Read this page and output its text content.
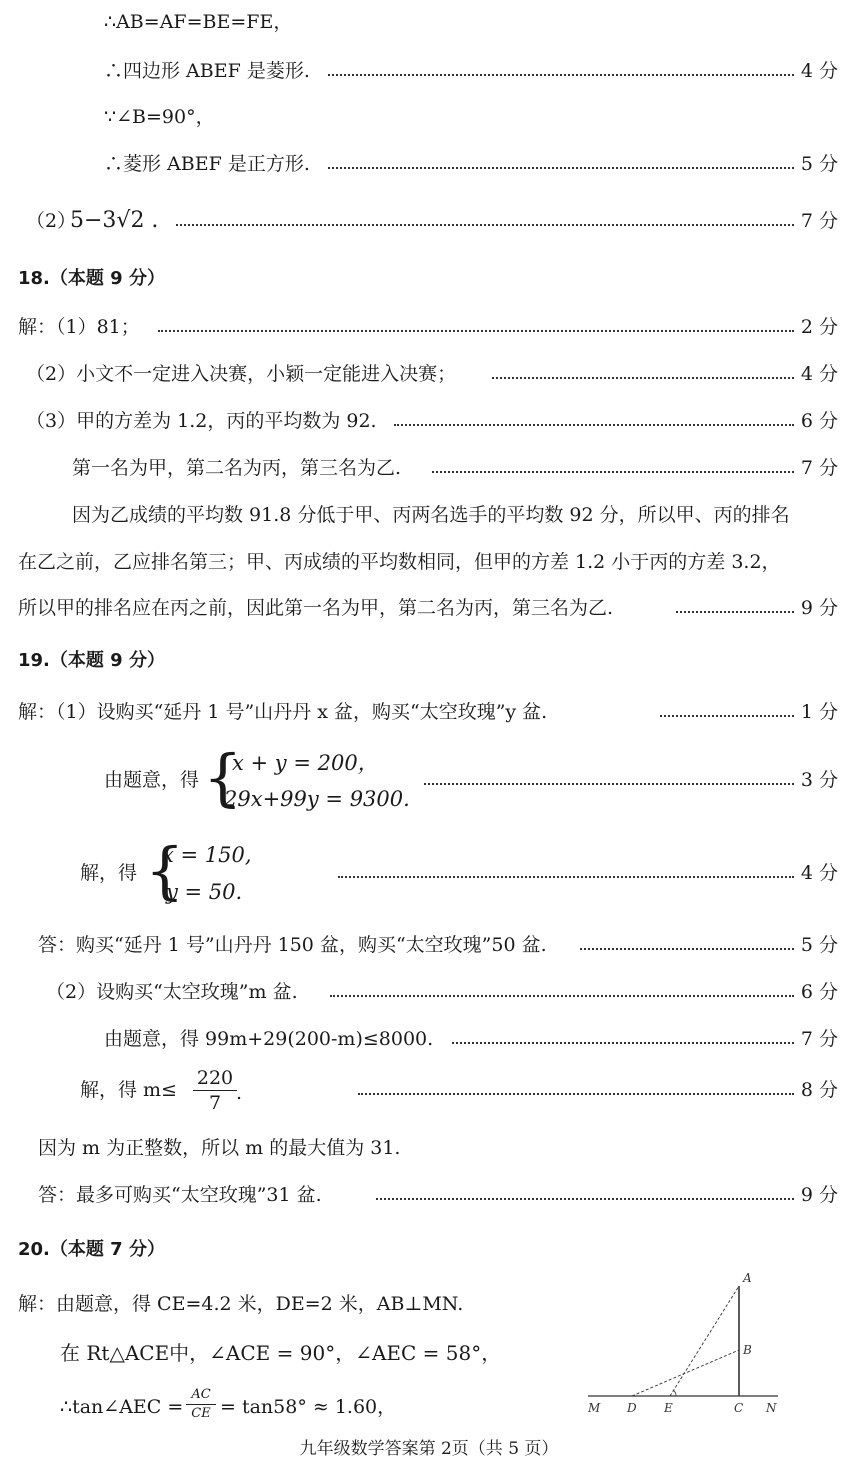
∴AB=AF=BE=FE，
∴四边形 ABEF 是菱形.	4 分
∵∠B=90°，
∴菱形 ABEF 是正方形.	5 分
（2）
5−3√2 .	7 分
18.（本题 9 分）
解：（1）81；	2 分
（2）小文不一定进入决赛，小颖一定能进入决赛；	4 分
（3）甲的方差为 1.2，丙的平均数为 92.	6 分
第一名为甲，第二名为丙，第三名为乙.	7 分
因为乙成绩的平均数 91.8 分低于甲、丙两名选手的平均数 92 分，所以甲、丙的排名
在乙之前，乙应排名第三；甲、丙成绩的平均数相同，但甲的方差 1.2 小于丙的方差 3.2，
所以甲的排名应在丙之前，因此第一名为甲，第二名为丙，第三名为乙.	9 分
19.（本题 9 分）
解：（1）设购买“延丹 1 号”山丹丹 x 盆，购买“太空玫瑰”y 盆.	1 分
由题意，得 {
x + y = 200，
29x+99y = 9300.
3 分
解，得 {
x = 150,
y = 50.
4 分
答：购买“延丹 1 号”山丹丹 150 盆，购买“太空玫瑰”50 盆.	5 分
（2）设购买“太空玫瑰”m 盆.	6 分
由题意，得 99m+29(200-m)≤8000.	7 分
解，得 $m\le \frac{220}{7}$ .	8 分
因为 m 为正整数，所以 m 的最大值为 31.
答：最多可购买“太空玫瑰”31 盆.	9 分
20.（本题 7 分）
解：由题意，得 CE=4.2 米，DE=2 米，AB⊥MN.
在 Rt△ACE中，∠ACE = 90°，∠AEC = 58°，
∴tan∠AEC = $\frac{AC}{CE} = \tan 58^\circ \approx 1.60$，
A
B
M D E	C N
九年级数学答案第 2页（共 5 页）
